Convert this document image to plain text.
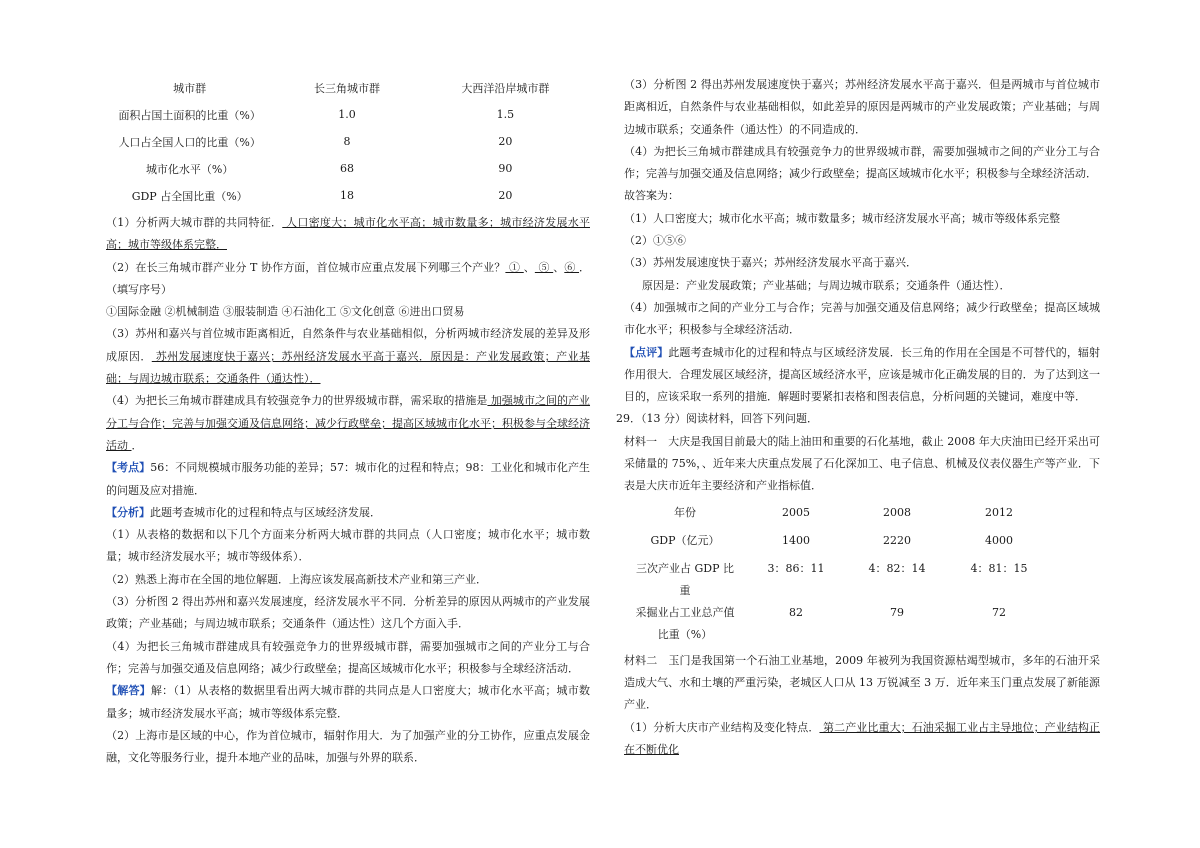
城市群	长三角城市群	大西洋沿岸城市群
面积占国土面积的比重（%）	1.0	1.5
人口占全国人口的比重（%）	8	20
城市化水平（%）	68	90
GDP 占全国比重（%）	18	20

（1）分析两大城市群的共同特征． 人口密度大；城市化水平高；城市数量多；城市经济发展水平高；城市等级体系完整．

（2）在长三角城市群产业分 T 协作方面，首位城市应重点发展下列哪三个产业？ ① 、 ⑤ 、⑥ ．（填写序号）

①国际金融 ②机械制造 ③服装制造 ④石油化工 ⑤文化创意 ⑥进出口贸易

（3）苏州和嘉兴与首位城市距离相近，自然条件与农业基础相似，分析两城市经济发展的差异及形成原因． 苏州发展速度快于嘉兴；苏州经济发展水平高于嘉兴．原因是：产业发展政策；产业基础；与周边城市联系；交通条件（通达性）．

（4）为把长三角城市群建成具有较强竞争力的世界级城市群，需采取的措施是 加强城市之间的产业分工与合作；完善与加强交通及信息网络；减少行政壁垒；提高区域城市化水平；积极参与全球经济活动 ．

【考点】56：不同规模城市服务功能的差异；57：城市化的过程和特点；98：工业化和城市化产生的问题及应对措施．

【分析】此题考查城市化的过程和特点与区域经济发展．

（1）从表格的数据和以下几个方面来分析两大城市群的共同点（人口密度；城市化水平；城市数量；城市经济发展水平；城市等级体系）．

（2）熟悉上海市在全国的地位解题．上海应该发展高新技术产业和第三产业．

（3）分析图 2 得出苏州和嘉兴发展速度，经济发展水平不同．分析差异的原因从两城市的产业发展政策；产业基础；与周边城市联系；交通条件（通达性）这几个方面入手．

（4）为把长三角城市群建成具有较强竞争力的世界级城市群，需要加强城市之间的产业分工与合作；完善与加强交通及信息网络；减少行政壁垒；提高区域城市化水平；积极参与全球经济活动．

【解答】解：（1）从表格的数据里看出两大城市群的共同点是人口密度大；城市化水平高；城市数量多；城市经济发展水平高；城市等级体系完整．

（2）上海市是区域的中心，作为首位城市，辐射作用大．为了加强产业的分工协作，应重点发展金融，文化等服务行业，提升本地产业的品味，加强与外界的联系．

（3）分析图 2 得出苏州发展速度快于嘉兴；苏州经济发展水平高于嘉兴．但是两城市与首位城市距离相近，自然条件与农业基础相似，如此差异的原因是两城市的产业发展政策；产业基础；与周边城市联系；交通条件（通达性）的不同造成的．

（4）为把长三角城市群建成具有较强竞争力的世界级城市群，需要加强城市之间的产业分工与合作；完善与加强交通及信息网络；减少行政壁垒；提高区域城市化水平；积极参与全球经济活动．

故答案为：

（1）人口密度大；城市化水平高；城市数量多；城市经济发展水平高；城市等级体系完整

（2）①⑤⑥

（3）苏州发展速度快于嘉兴；苏州经济发展水平高于嘉兴．

原因是：产业发展政策；产业基础；与周边城市联系；交通条件（通达性）．

（4）加强城市之间的产业分工与合作；完善与加强交通及信息网络；减少行政壁垒；提高区域城市化水平；积极参与全球经济活动．

【点评】此题考查城市化的过程和特点与区域经济发展．长三角的作用在全国是不可替代的，辐射作用很大．合理发展区域经济，提高区域经济水平，应该是城市化正确发展的目的．为了达到这一目的，应该采取一系列的措施．解题时要紧扣表格和图表信息，分析问题的关键词，难度中等．

29．（13 分）阅读材料，回答下列问题．

材料一　大庆是我国目前最大的陆上油田和重要的石化基地，截止 2008 年大庆油田已经开采出可采储量的 75%，、近年来大庆重点发展了石化深加工、电子信息、机械及仪表仪器生产等产业．下表是大庆市近年主要经济和产业指标值．

年份	2005	2008	2012
GDP（亿元）	1400	2220	4000

三次产业占 GDP 比
重	3：86：11	4：82：14	4：81：15

采掘业占工业总产值
比重（%）	82	79	72

材料二　玉门是我国第一个石油工业基地，2009 年被列为我国资源枯竭型城市，多年的石油开采造成大气、水和土壤的严重污染，老城区人口从 13 万锐减至 3 万．近年来玉门重点发展了新能源产业．

（1）分析大庆市产业结构及变化特点． 第二产业比重大；石油采掘工业占主导地位；产业结构正在不断优化
